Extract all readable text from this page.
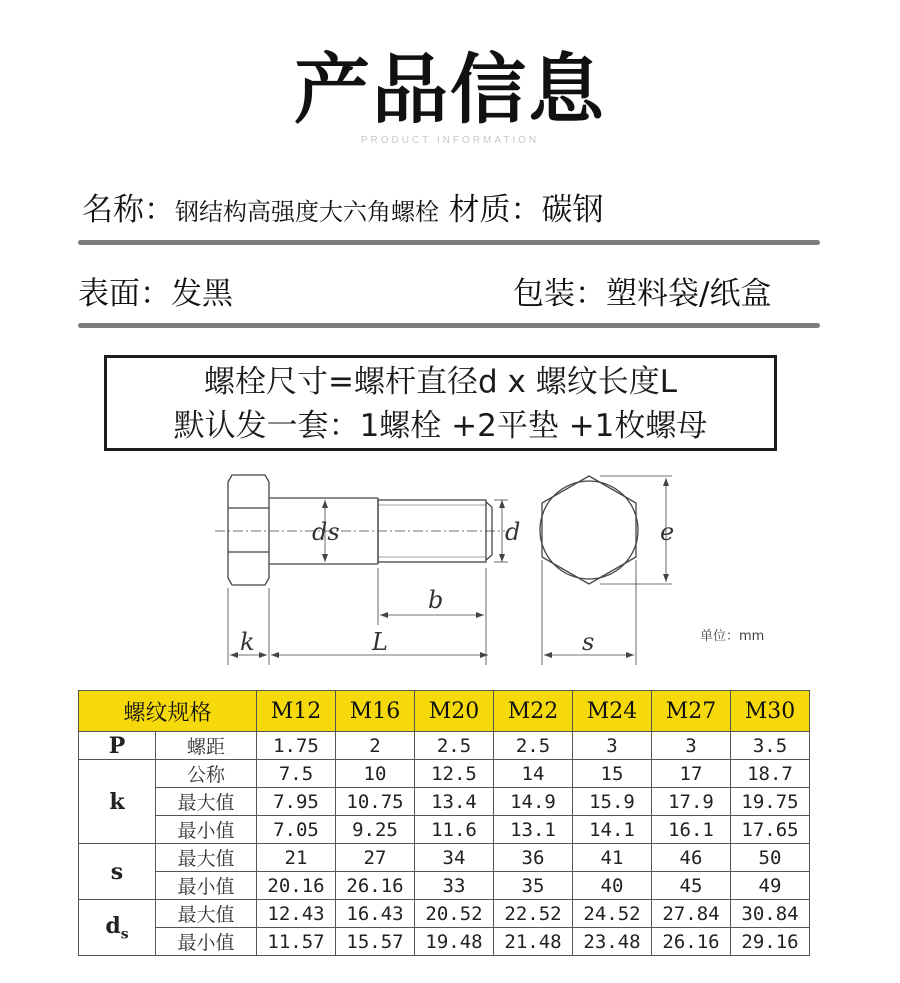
产品信息
PRODUCT INFORMATION
名称：钢结构高强度大六角螺栓 材质：碳钢
表面：发黑	包装：塑料袋/纸盒
螺栓尺寸=螺杆直径d x 螺纹长度L
默认发一套：1螺栓 +2平垫 +1枚螺母
ds	d	e
b
k	L	s	单位：mm
螺纹规格		M12	M16	M20	M22	M24	M27	M30
P	螺距	1.75	2	2.5	2.5	3	3	3.5
k	公称	7.5	10	12.5	14	15	17	18.7
	最大值	7.95	10.75	13.4	14.9	15.9	17.9	19.75
	最小值	7.05	9.25	11.6	13.1	14.1	16.1	17.65
s	最大值	21	27	34	36	41	46	50
	最小值	20.16	26.16	33	35	40	45	49
$d_s$	最大值	12.43	16.43	20.52	22.52	24.52	27.84	30.84
	最小值	11.57	15.57	19.48	21.48	23.48	26.16	29.16
